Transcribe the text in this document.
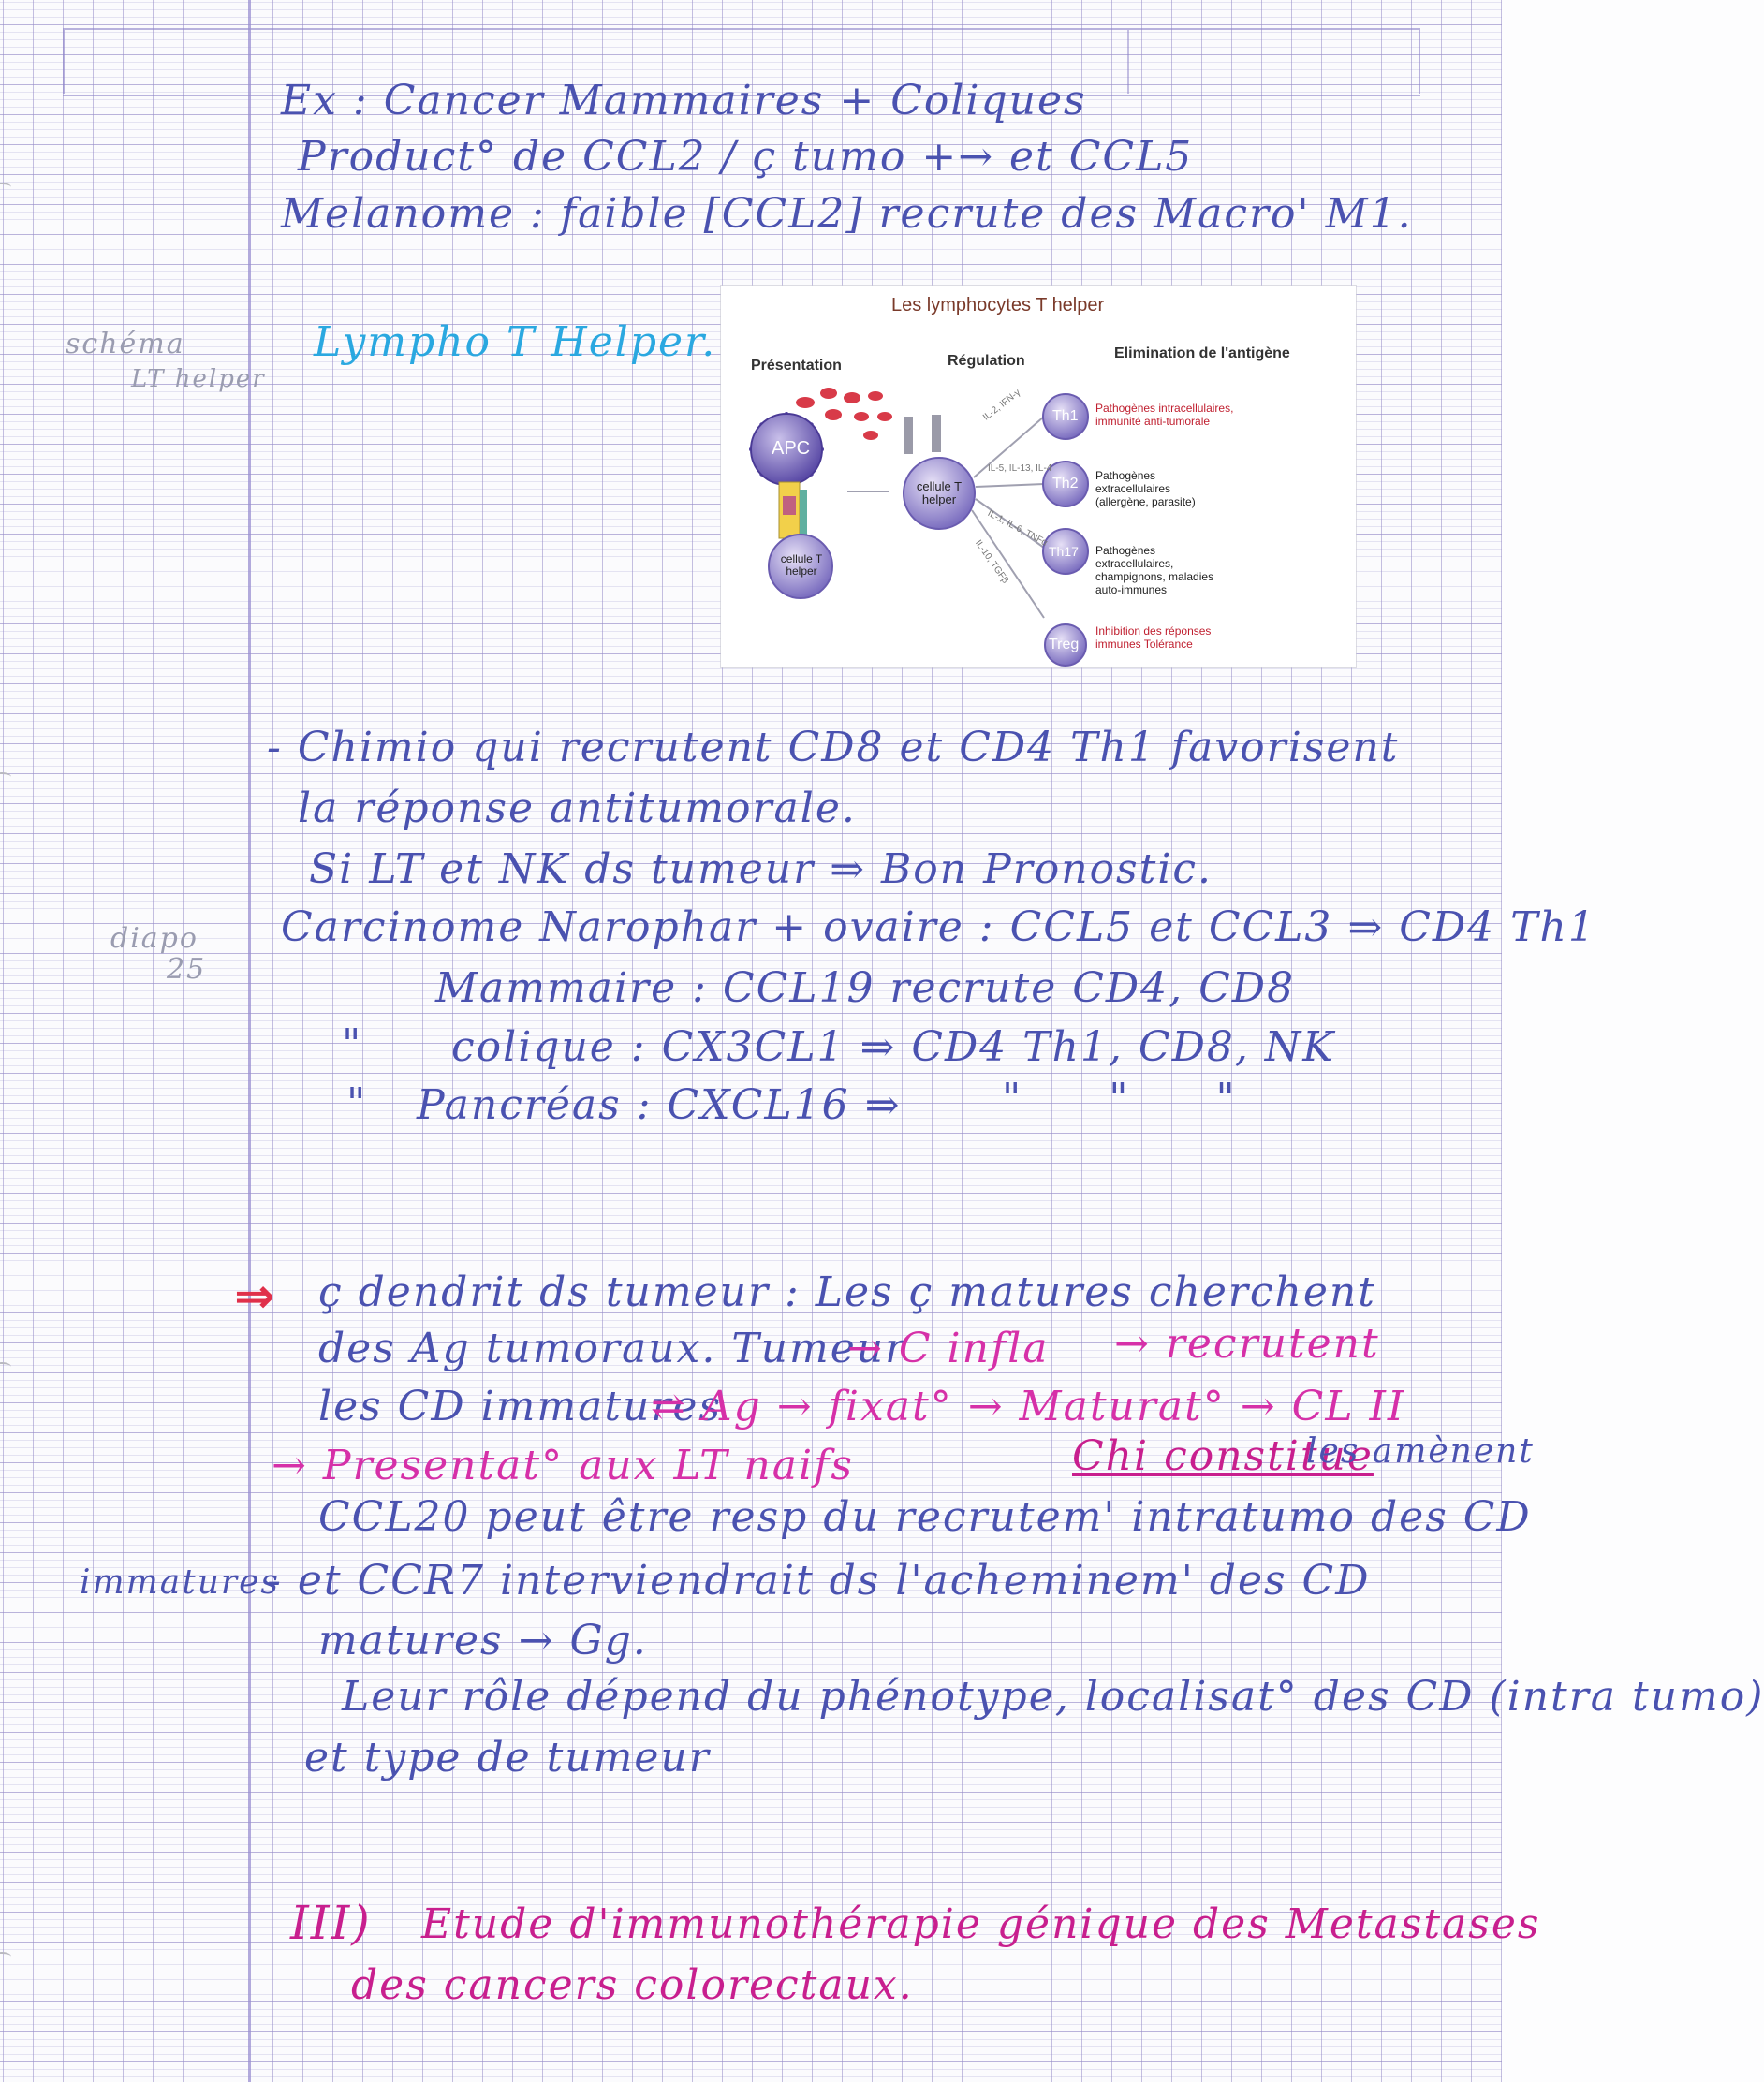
Ex : Cancer Mammaires + Coliques
Product° de CCL2 / ç tumo +→ et CCL5
Melanome : faible [CCL2] recrute des Macro' M1.
schéma
LT helper
Lympho T Helper.
Les lymphocytes T helper
Présentation	Régulation	Elimination de l'antigène
APC
cellule T helper
cellule T helper
IL-2, IFN-γ
IL-5, IL-13, IL-4
IL-1, IL-6, TNFα
IL-10, TGFβ
Th1
Th2
Th17
Treg
Pathogènes intracellulaires, immunité anti-tumorale
Pathogènes extracellulaires (allergène, parasite)
Pathogènes extracellulaires, champignons, maladies auto-immunes
Inhibition des réponses immunes Tolérance
- Chimio qui recrutent CD8 et CD4 Th1 favorisent
la réponse antitumorale.
Si LT et NK ds tumeur ⇒ Bon Pronostic.
diapo
25
Carcinome Narophar + ovaire : CCL5 et CCL3 ⇒ CD4 Th1
Mammaire : CCL19 recrute CD4, CD8
" colique : CX3CL1 ⇒ CD4 Th1, CD8, NK
" Pancréas : CXCL16 ⇒ " " "
⇒ ç dendrit ds tumeur : Les ç matures cherchent
des Ag tumoraux. Tumeur
→ C infla → recrutent
les CD immatures
⇌ Ag → fixat° → Maturat° → CL II
→ Presentat° aux LT naifs	Chi constitue
les amènent
CCL20 peut être resp du recrutem' intratumo des CD
immatures
- et CCR7 interviendrait ds l'acheminem' des CD
matures → Gg.
Leur rôle dépend du phénotype, localisat° des CD (intra tumo)
et type de tumeur
III) Etude d'immunothérapie génique des Metastases
des cancers colorectaux.
